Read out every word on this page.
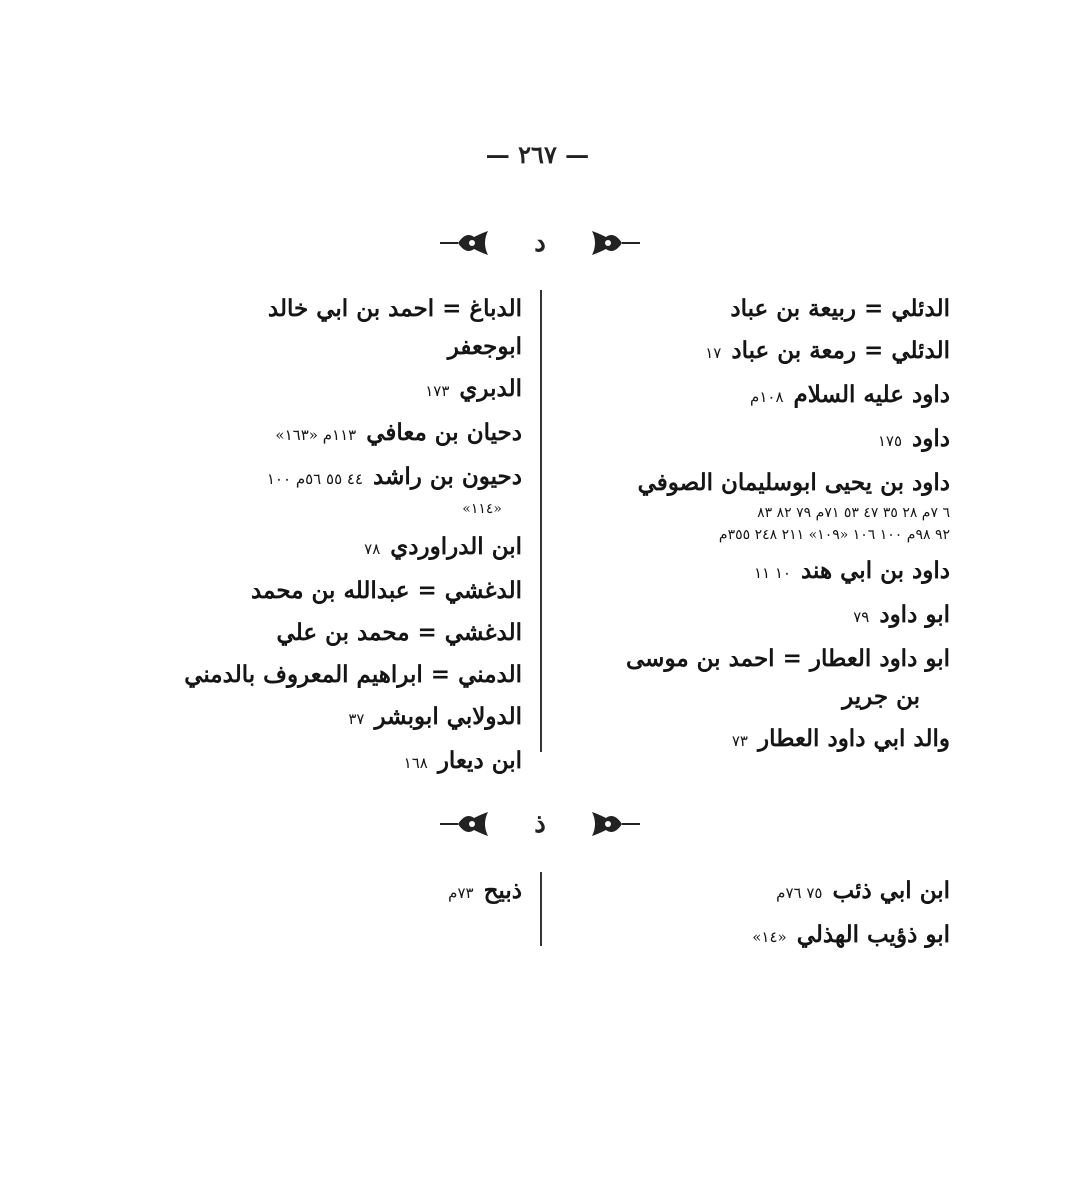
— ٢٦٧ —
د
الدئلي = ربيعة بن عباد
الدئلي = رمعة بن عباد١٧
داود عليه السلام١٠٨م
داود١٧٥
داود بن يحيى ابوسليمان الصوفي
٦ ٧م ٢٨ ٣٥ ٤٧ ٥٣ ٧١م ٧٩ ٨٢ ٨٣
٩٢ ٩٨م ١٠٠ ١٠٦ «١٠٩» ٢١١ ٢٤٨ ٣٥٥م
داود بن ابي هند١٠ ١١
ابو داود٧٩
ابو داود العطار = احمد بن موسى
بن جرير
والد ابي داود العطار٧٣
الدباغ = احمد بن ابي خالد
ابوجعفر
الدبري١٧٣
دحيان بن معافي١١٣م «١٦٣»
دحيون بن راشد٤٤ ٥٥ ٥٦م ١٠٠
«١١٤»
ابن الدراوردي٧٨
الدغشي = عبدالله بن محمد
الدغشي = محمد بن علي
الدمني = ابراهيم المعروف بالدمني
الدولابي ابوبشر٣٧
ابن ديعار١٦٨
ذ
ابن ابي ذئب٧٥ ٧٦م
ابو ذؤيب الهذلي«١٤»
ذبيح٧٣م
